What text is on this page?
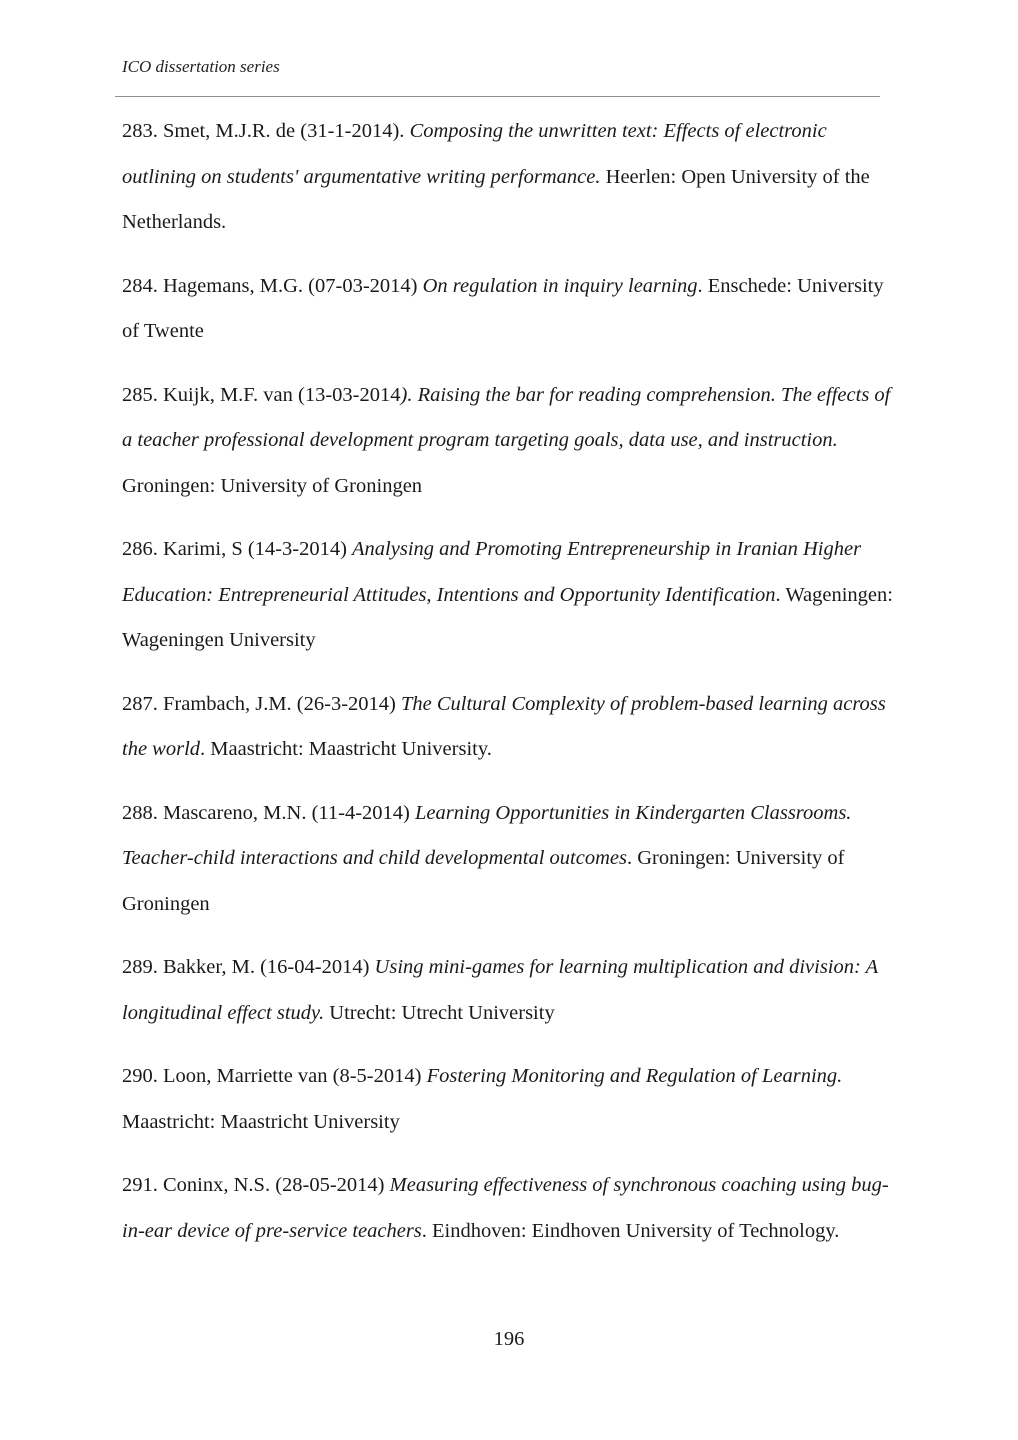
ICO dissertation series

283. Smet, M.J.R. de (31-1-2014). Composing the unwritten text: Effects of electronic
outlining on students' argumentative writing performance. Heerlen: Open University of the
Netherlands.

284. Hagemans, M.G. (07-03-2014) On regulation in inquiry learning. Enschede: University
of Twente

285. Kuijk, M.F. van (13-03-2014). Raising the bar for reading comprehension. The effects of
a teacher professional development program targeting goals, data use, and instruction.
Groningen: University of Groningen

286. Karimi, S (14-3-2014) Analysing and Promoting Entrepreneurship in Iranian Higher
Education: Entrepreneurial Attitudes, Intentions and Opportunity Identification. Wageningen:
Wageningen University

287. Frambach, J.M. (26-3-2014) The Cultural Complexity of problem-based learning across
the world. Maastricht: Maastricht University.

288. Mascareno, M.N. (11-4-2014) Learning Opportunities in Kindergarten Classrooms.
Teacher-child interactions and child developmental outcomes. Groningen: University of
Groningen

289. Bakker, M. (16-04-2014) Using mini-games for learning multiplication and division: A
longitudinal effect study. Utrecht: Utrecht University

290. Loon, Marriette van (8-5-2014) Fostering Monitoring and Regulation of Learning.
Maastricht: Maastricht University

291. Coninx, N.S. (28-05-2014) Measuring effectiveness of synchronous coaching using bug-
in-ear device of pre-service teachers. Eindhoven: Eindhoven University of Technology.

196
